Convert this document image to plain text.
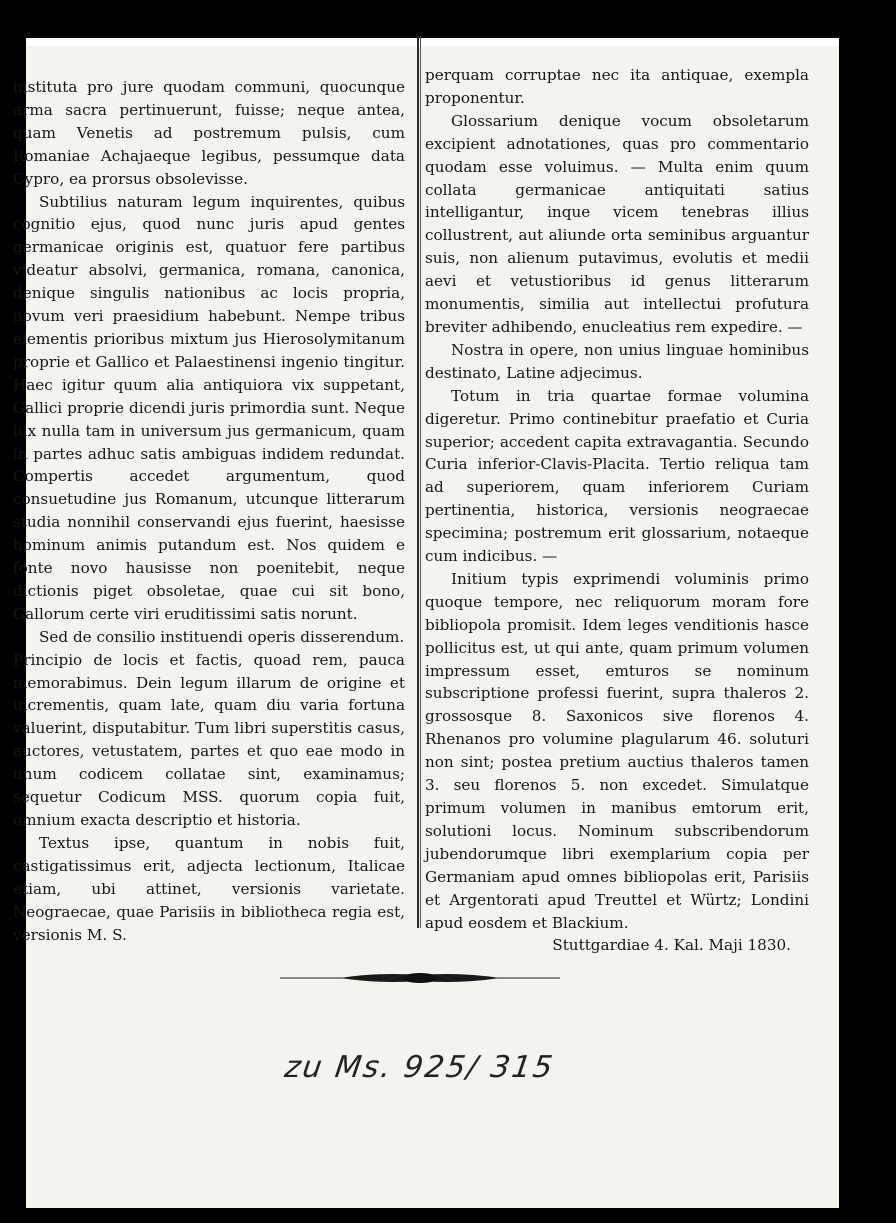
instituta pro jure quodam communi, quocunque arma sacra pertinuerunt, fuisse; neque antea, quam Venetis ad postremum pulsis, cum Romaniae Achajaeque legibus, pessumque data Cypro, ea prorsus obsolevisse.

Subtilius naturam legum inquirentes, quibus cognitio ejus, quod nunc juris apud gentes germanicae originis est, quatuor fere partibus videatur absolvi, germanica, romana, canonica, denique singulis nationibus ac locis propria, novum veri praesidium habebunt. Nempe tribus elementis prioribus mixtum jus Hierosolymitanum proprie et Gallico et Palaestinensi ingenio tingitur. Haec igitur quum alia antiquiora vix suppetant, Gallici proprie dicendi juris primordia sunt. Neque lux nulla tam in universum jus germanicum, quam in partes adhuc satis ambiguas indidem redundat. Compertis accedet argumentum, quod consuetudine jus Romanum, utcunque litterarum studia nonnihil conservandi ejus fuerint, haesisse hominum animis putandum est. Nos quidem e fonte novo hausisse non poenitebit, neque dictionis piget obsoletae, quae cui sit bono, Gallorum certe viri eruditissimi satis norunt.

Sed de consilio instituendi operis disserendum.

Principio de locis et factis, quoad rem, pauca memorabimus. Dein legum illarum de origine et incrementis, quam late, quam diu varia fortuna valuerint, disputabitur. Tum libri superstitis casus, auctores, vetustatem, partes et quo eae modo in unum codicem collatae sint, examinamus; sequetur Codicum MSS. quorum copia fuit, omnium exacta descriptio et historia.

Textus ipse, quantum in nobis fuit, castigatissimus erit, adjecta lectionum, Italicae etiam, ubi attinet, versionis varietate. Neograecae, quae Parisiis in bibliotheca regia est, versionis M. S.

perquam corruptae nec ita antiquae, exempla proponentur.

Glossarium denique vocum obsoletarum excipient adnotationes, quas pro commentario quodam esse voluimus. — Multa enim quum collata germanicae antiquitati satius intelligantur, inque vicem tenebras illius collustrent, aut aliunde orta seminibus arguantur suis, non alienum putavimus, evolutis et medii aevi et vetustioribus id genus litterarum monumentis, similia aut intellectui profutura breviter adhibendo, enucleatius rem expedire. —

Nostra in opere, non unius linguae hominibus destinato, Latine adjecimus.

Totum in tria quartae formae volumina digeretur. Primo continebitur praefatio et Curia superior; accedent capita extravagantia. Secundo Curia inferior-Clavis-Placita. Tertio reliqua tam ad superiorem, quam inferiorem Curiam pertinentia, historica, versionis neograecae specimina; postremum erit glossarium, notaeque cum indicibus. —

Initium typis exprimendi voluminis primo quoque tempore, nec reliquorum moram fore bibliopola promisit. Idem leges venditionis hasce pollicitus est, ut qui ante, quam primum volumen impressum esset, emturos se nominum subscriptione professi fuerint, supra thaleros 2. grossosque 8. Saxonicos sive florenos 4. Rhenanos pro volumine plagularum 46. soluturi non sint; postea pretium auctius thaleros tamen 3. seu florenos 5. non excedet. Simulatque primum volumen in manibus emtorum erit, solutioni locus. Nominum subscribendorum jubendorumque libri exemplarium copia per Germaniam apud omnes bibliopolas erit, Parisiis et Argentorati apud Treuttel et Würtz; Londini apud eosdem et Blackium.

Stuttgardiae 4. Kal. Maji 1830.

zu Ms. 925/ 315
